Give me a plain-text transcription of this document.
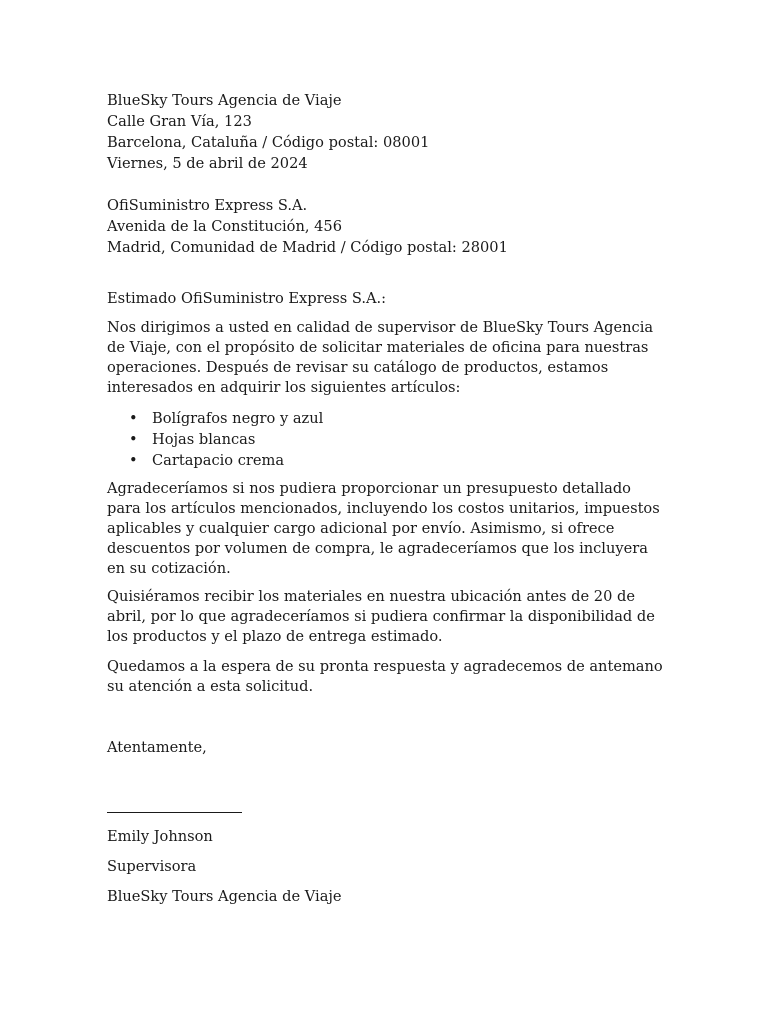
BlueSky Tours Agencia de Viaje
Calle Gran Vía, 123
Barcelona, Cataluña / Código postal: 08001
Viernes, 5 de abril de 2024
OfiSuministro Express S.A.
Avenida de la Constitución, 456
Madrid, Comunidad de Madrid / Código postal: 28001
Estimado OfiSuministro Express S.A.:
Nos dirigimos a usted en calidad de supervisor de BlueSky Tours Agencia
de Viaje, con el propósito de solicitar materiales de oficina para nuestras
operaciones. Después de revisar su catálogo de productos, estamos
interesados en adquirir los siguientes artículos:
• Bolígrafos negro y azul
• Hojas blancas
• Cartapacio crema
Agradeceríamos si nos pudiera proporcionar un presupuesto detallado
para los artículos mencionados, incluyendo los costos unitarios, impuestos
aplicables y cualquier cargo adicional por envío. Asimismo, si ofrece
descuentos por volumen de compra, le agradeceríamos que los incluyera
en su cotización.
Quisiéramos recibir los materiales en nuestra ubicación antes de 20 de
abril, por lo que agradeceríamos si pudiera confirmar la disponibilidad de
los productos y el plazo de entrega estimado.
Quedamos a la espera de su pronta respuesta y agradecemos de antemano
su atención a esta solicitud.
Atentamente,
Emily Johnson
Supervisora
BlueSky Tours Agencia de Viaje
